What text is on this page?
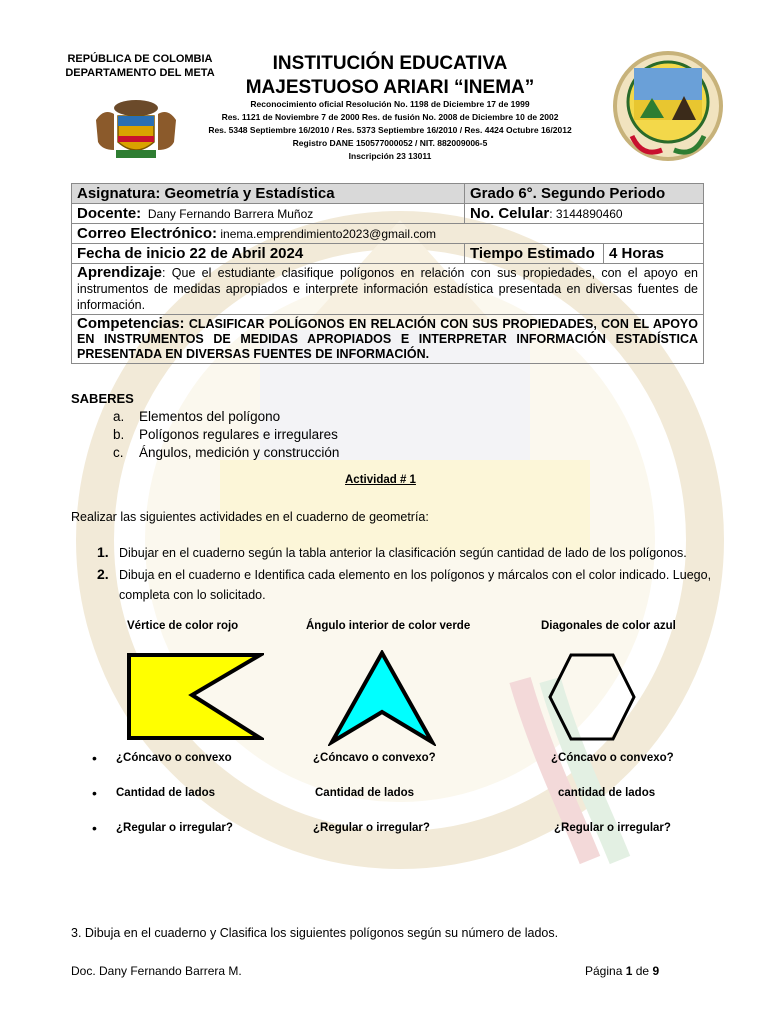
REPÚBLICA DE COLOMBIA
DEPARTAMENTO DEL META	INSTITUCIÓN EDUCATIVA
MAJESTUOSO ARIARI “INEMA”
Reconocimiento oficial Resolución No. 1198 de Diciembre 17 de 1999
Res. 1121 de Noviembre 7 de 2000 Res. de fusión No. 2008 de Diciembre 10 de 2002
Res. 5348 Septiembre 16/2010 / Res. 5373 Septiembre 16/2010 / Res. 4424 Octubre 16/2012
Registro DANE 150577000052 / NIT. 882009006-5
Inscripción 23 13011
Asignatura: Geometría y Estadística	Grado 6°. Segundo Periodo	
Docente: Dany Fernando Barrera Muñoz	No. Celular: 3144890460	
Correo Electrónico: inema.emprendimiento2023@gmail.com		
Fecha de inicio 22 de Abril 2024	Tiempo Estimado	4 Horas
Aprendizaje: Que el estudiante clasifique polígonos en relación con sus propiedades, con el apoyo en instrumentos de medidas apropiados e interprete información estadística presentada en diversas fuentes de información.		
Competencias: CLASIFICAR POLÍGONOS EN RELACIÓN CON SUS PROPIEDADES, CON EL APOYO EN INSTRUMENTOS DE MEDIDAS APROPIADOS E INTERPRETAR INFORMACIÓN ESTADÍSTICA PRESENTADA EN DIVERSAS FUENTES DE INFORMACIÓN.		
SABERES
a.	Elementos del polígono
b.	Polígonos regulares e irregulares
c.	Ángulos, medición y construcción
Actividad # 1
Realizar las siguientes actividades en el cuaderno de geometría:
1. Dibujar en el cuaderno según la tabla anterior la clasificación según cantidad de lado de los polígonos.
2. Dibuja en el cuaderno e Identifica cada elemento en los polígonos y márcalos con el color indicado. Luego, completa con lo solicitado.
Vértice de color rojo	Ángulo interior de color verde	Diagonales de color azul
•
•
•
¿Cóncavo o convexo	¿Cóncavo o convexo?	¿Cóncavo o convexo?
Cantidad de lados	Cantidad de lados	cantidad de lados
¿Regular o irregular?	¿Regular o irregular?	¿Regular o irregular?
3. Dibuja en el cuaderno y Clasifica los siguientes polígonos según su número de lados.
Doc. Dany Fernando Barrera M.	Página 1 de 9
